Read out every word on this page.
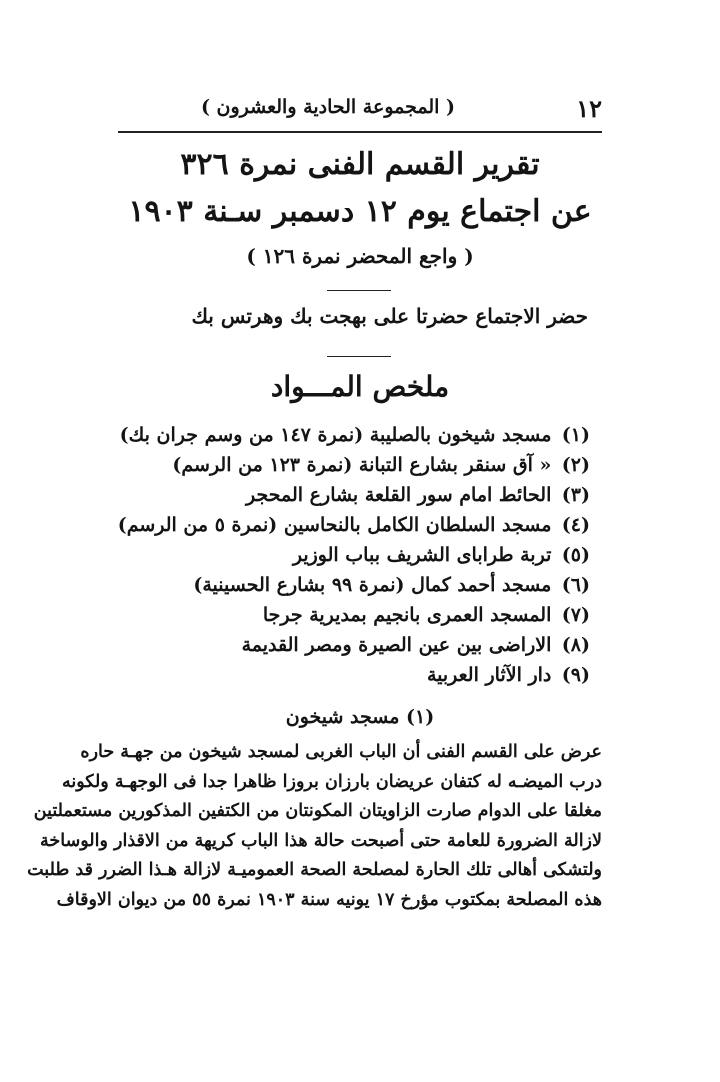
١٢
( المجموعة الحادية والعشرون )
تقرير القسم الفنى نمرة ٣٢٦
عن اجتماع يوم ١٢ دسمبر سـنة ١٩٠٣
( واجع المحضر نمرة ١٢٦ )
حضر الاجتماع حضرتا على بهجت بك وهرتس بك
ملخص المـــواد
(١) مسجد شيخون بالصليبة (نمرة ١٤٧ من وسم جران بك)
(٢) « آق سنقر بشارع التبانة (نمرة ١٢٣ من الرسم)
(٣) الحائط امام سور القلعة بشارع المحجر
(٤) مسجد السلطان الكامل بالنحاسين (نمرة ٥ من الرسم)
(٥) تربة طراباى الشريف بباب الوزير
(٦) مسجد أحمد كمال (نمرة ٩٩ بشارع الحسينية)
(٧) المسجد العمرى بانجيم بمديرية جرجا
(٨) الاراضى بين عين الصيرة ومصر القديمة
(٩) دار الآثار العربية
(١) مسجد شيخون
عرض على القسم الفنى أن الباب الغربى لمسجد شيخون من جهـة حاره
درب الميضـه له كتفان عريضان بارزان بروزا ظاهرا جدا فى الوجهـة ولكونه
مغلقا على الدوام صارت الزاويتان المكونتان من الكتفين المذكورين مستعملتين
لازالة الضرورة للعامة حتى أصبحت حالة هذا الباب كريهة من الاقذار والوساخة
ولتشكى أهالى تلك الحارة لمصلحة الصحة العموميـة لازالة هـذا الضرر قد طلبت
هذه المصلحة بمكتوب مؤرخ ١٧ يونيه سنة ١٩٠٣ نمرة ٥٥ من ديوان الاوقاف
